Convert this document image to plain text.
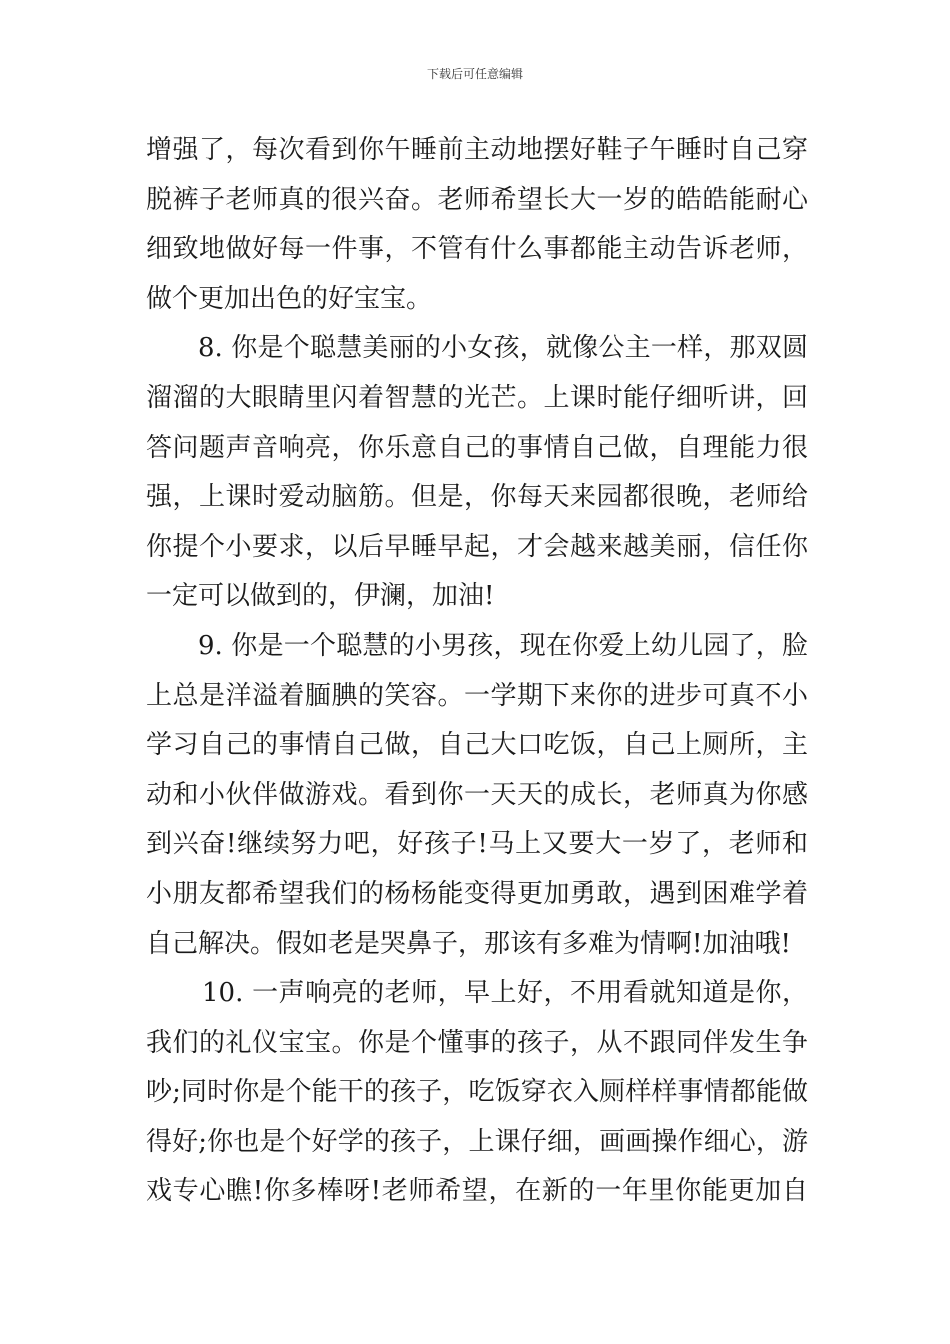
下载后可任意编辑
增强了，每次看到你午睡前主动地摆好鞋子午睡时自己穿
脱裤子老师真的很兴奋。老师希望长大一岁的皓皓能耐心
细致地做好每一件事，不管有什么事都能主动告诉老师，
做个更加出色的好宝宝。
8. 你是个聪慧美丽的小女孩，就像公主一样，那双圆
溜溜的大眼睛里闪着智慧的光芒。上课时能仔细听讲，回
答问题声音响亮，你乐意自己的事情自己做，自理能力很
强，上课时爱动脑筋。但是，你每天来园都很晚，老师给
你提个小要求，以后早睡早起，才会越来越美丽，信任你
一定可以做到的，伊澜，加油!
9. 你是一个聪慧的小男孩，现在你爱上幼儿园了，脸
上总是洋溢着腼腆的笑容。一学期下来你的进步可真不小
学习自己的事情自己做，自己大口吃饭，自己上厕所，主
动和小伙伴做游戏。看到你一天天的成长，老师真为你感
到兴奋!继续努力吧，好孩子!马上又要大一岁了，老师和
小朋友都希望我们的杨杨能变得更加勇敢，遇到困难学着
自己解决。假如老是哭鼻子，那该有多难为情啊!加油哦!
10. 一声响亮的老师，早上好，不用看就知道是你，
我们的礼仪宝宝。你是个懂事的孩子，从不跟同伴发生争
吵;同时你是个能干的孩子，吃饭穿衣入厕样样事情都能做
得好;你也是个好学的孩子，上课仔细，画画操作细心，游
戏专心瞧!你多棒呀!老师希望，在新的一年里你能更加自
